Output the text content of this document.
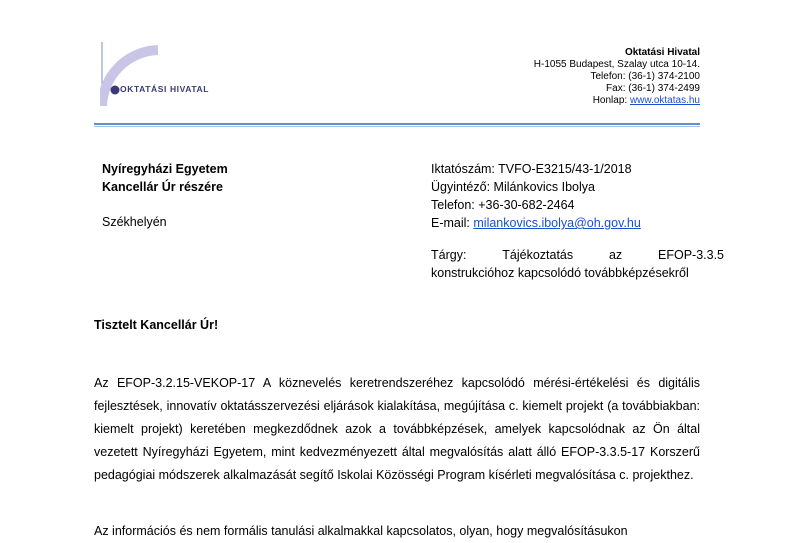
OKTATÁSI HIVATAL
Oktatási Hivatal
H-1055 Budapest, Szalay utca 10-14.
Telefon: (36-1) 374-2100
Fax: (36-1) 374-2499
Honlap: www.oktatas.hu
Nyíregyházi Egyetem
Kancellár Úr részére
Székhelyén
Iktatószám: TVFO-E3215/43-1/2018
Ügyintéző: Milánkovics Ibolya
Telefon: +36-30-682-2464
E-mail: milankovics.ibolya@oh.gov.hu
Tárgy:	Tájékoztatás	az	EFOP-3.3.5
konstrukcióhoz kapcsolódó továbbképzésekről
Tisztelt Kancellár Úr!
Az EFOP-3.2.15-VEKOP-17 A köznevelés keretrendszeréhez kapcsolódó mérési-értékelési és digitális fejlesztések, innovatív oktatásszervezési eljárások kialakítása, megújítása c. kiemelt projekt (a továbbiakban: kiemelt projekt) keretében megkezdődnek azok a továbbképzések, amelyek kapcsolódnak az Ön által vezetett Nyíregyházi Egyetem, mint kedvezményezett által megvalósítás alatt álló EFOP-3.3.5-17 Korszerű pedagógiai módszerek alkalmazását segítő Iskolai Közösségi Program kísérleti megvalósítása c. projekthez.
Az információs és nem formális tanulási alkalmakkal kapcsolatos, olyan, hogy megvalósításukon
